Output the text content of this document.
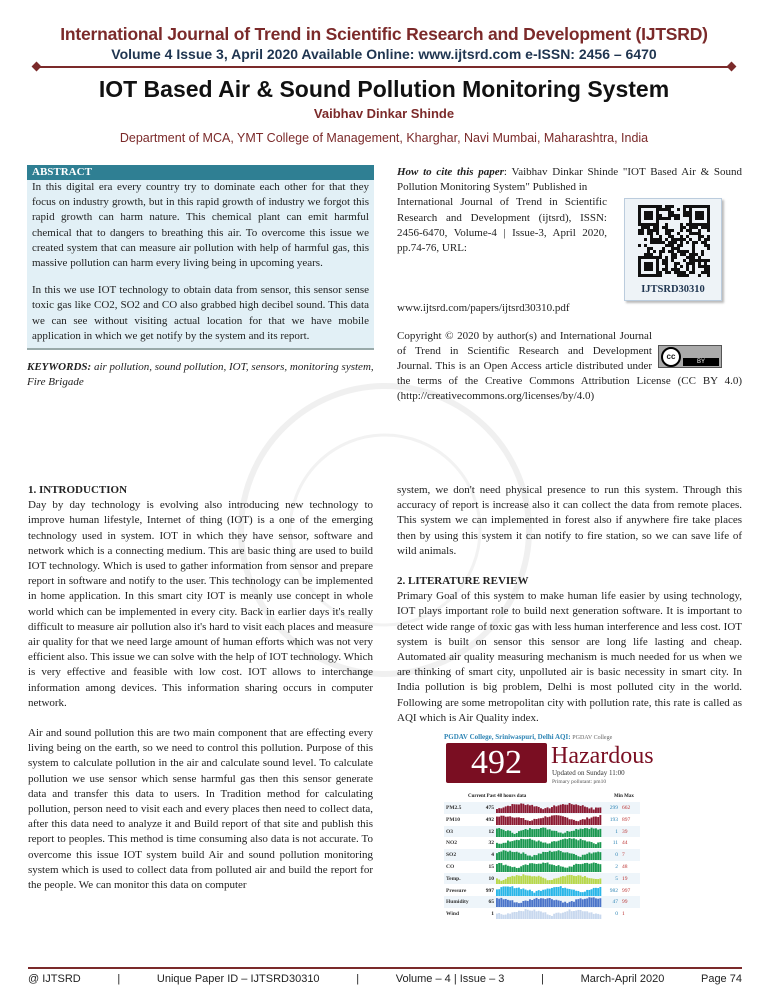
International Journal of Trend in Scientific Research and Development (IJTSRD)
Volume 4 Issue 3, April 2020 Available Online: www.ijtsrd.com e-ISSN: 2456 – 6470
IOT Based Air & Sound Pollution Monitoring System
Vaibhav Dinkar Shinde
Department of MCA, YMT College of Management, Kharghar, Navi Mumbai, Maharashtra, India
ABSTRACT

In this digital era every country try to dominate each other for that they focus on industry growth, but in this rapid growth of industry we forgot this rapid growth can harm nature. This chemical plant can emit harmful chemical that to dangers to breathing this air. To overcome this issue we created system that can measure air pollution with help of harmful gas, this massive pollution can harm every living being in upcoming years.

In this we use IOT technology to obtain data from sensor, this sensor sense toxic gas like CO2, SO2 and CO also grabbed high decibel sound. This data we can see without visiting actual location for that we have mobile application in which we get notify by the system and its report.

KEYWORDS: air pollution, sound pollution, IOT, sensors, monitoring system, Fire Brigade

How to cite this paper: Vaibhav Dinkar Shinde "IOT Based Air & Sound Pollution Monitoring System" Published in

International Journal of Trend in Scientific Research and Development (ijtsrd), ISSN: 2456-6470, Volume-4 | Issue-3, April 2020, pp.74-76, URL:

IJTSRD30310

www.ijtsrd.com/papers/ijtsrd30310.pdf

cc
BY

Copyright © 2020 by author(s) and International Journal of Trend in Scientific Research and Development Journal. This is an Open Access article distributed under the terms of the Creative Commons Attribution License (CC BY 4.0) (http://creativecommons.org/licenses/by/4.0)

1. INTRODUCTION

Day by day technology is evolving also introducing new technology to improve human lifestyle, Internet of thing (IOT) is a one of the emerging technology used in system. IOT in which they have sensor, software and network which is a connecting medium. This are basic thing are used to build IOT technology. Which is used to gather information from sensor and prepare report in software and notify to the user. This technology can be implemented in home application. In this smart city IOT is meanly use concept in whole world which can be implemented in every city. Back in earlier days it's really difficult to measure air pollution also it's hard to visit each places and measure air quality for that we need large amount of human efforts which was not very efficient also. This issue we can solve with the help of IOT technology. Which is very effective and feasible with low cost. IOT allows to interchange information among devices. This information sharing occurs in computer network.

Air and sound pollution this are two main component that are effecting every living being on the earth, so we need to control this pollution. Purpose of this system to calculate pollution in the air and calculate sound level. To calculate pollution we use sensor which sense harmful gas then this sensor generate data and transfer this data to users. In Tradition method for calculating pollution, person need to visit each and every places then need to collect data, after this data need to analyze it and Build report of that site and publish this report to peoples. This method is time consuming also data is not accurate. To overcome this issue IOT system build Air and sound pollution monitoring system which is used to collect data from polluted air and build the report for the people. We can monitor this data on computer

system, we don't need physical presence to run this system. Through this accuracy of report is increase also it can collect the data from remote places. This system we can implemented in forest also if anywhere fire take places then by using this system it can notify to fire station, so we can save life of wild animals.

2. LITERATURE REVIEW

Primary Goal of this system to make human life easier by using technology, IOT plays important role to build next generation software. It is important to detect wide range of toxic gas with less human interference and less cost. IOT system is built on sensor this sensor are long life lasting and cheap. Automated air quality measuring mechanism is much needed for us when we are thinking of smart city, unpolluted air is basic necessity in smart city. In India pollution is big problem, Delhi is most polluted city in the world. Following are some metropolitan city with pollution rate, this rate is called as AQI which is Air Quality index.

PGDAV College, Sriniwaspuri, Delhi AQI: PGDAV College
492	Hazardous
Updated on Sunday 11:00
Primary pollutant: pm10
Current Past 48 hours data	Min Max
PM2.5	475	299 662
PM10	492	193 897
O3	12	1 39
NO2	32	11 44
SO2	4	0 7
CO	15	2 48
Temp.	10	5 19
Pressure	997	982 997
Humidity	65	47 99
Wind	1	0 1
@ IJTSRD	|	Unique Paper ID – IJTSRD30310	|	Volume – 4 | Issue – 3	|	March-April 2020	Page 74
